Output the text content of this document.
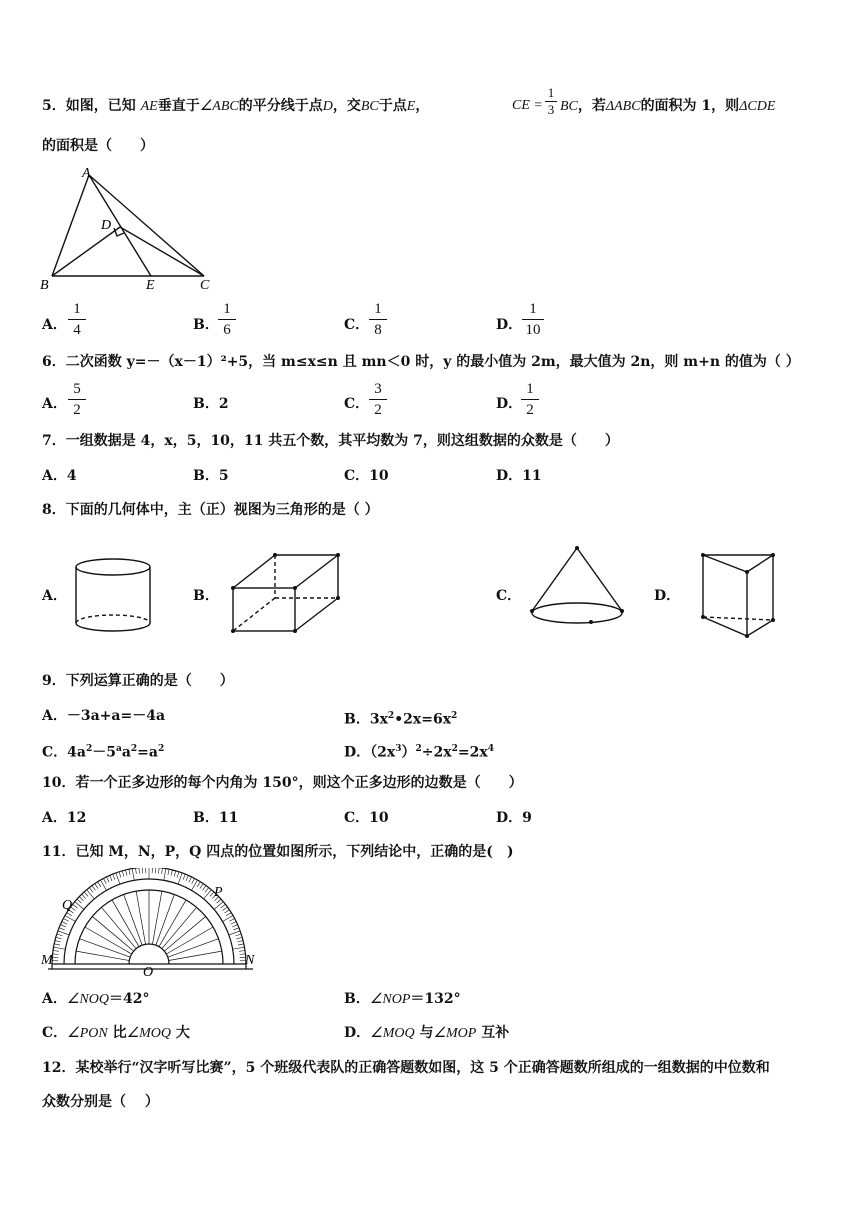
5．如图，已知 AE垂直于∠ABC的平分线于点D，交BC于点E，	CE =
1
3 BC，若ΔABC的面积为 1，则ΔCDE
的面积是（　　）
A
D
B	E	C
A．
1
4	B．
1
6	C．
1
8	D．
1
10
6．二次函数 y=－（x－1）²+5，当 m≤x≤n 且 mn＜0 时，y 的最小值为 2m，最大值为 2n，则 m+n 的值为（ ）
A．
5
2	B．2	C．
3
2	D．
1
2
7．一组数据是 4，x，5，10，11 共五个数，其平均数为 7，则这组数据的众数是（　　）
A．4	B．5	C．10	D．11
8．下面的几何体中，主（正）视图为三角形的是（ ）
A．	B．	C．	D．
9．下列运算正确的是（　　）
A．－3a+a=－4a	B．$3x^2•2x=6x^2$
C．$4a^2-5^aa^2=a^2$	D．$(2x^3)^2\div 2x^2=2x^4$
10．若一个正多边形的每个内角为 150°，则这个正多边形的边数是（　　）
A．12	B．11	C．10	D．9
11．已知 M，N，P，Q 四点的位置如图所示，下列结论中，正确的是(　)
Q
P
M	N
O
A．∠NOQ＝42°	B．∠NOP＝132°
C．∠PON 比∠MOQ 大	D．∠MOQ 与∠MOP 互补
12．某校举行“汉字听写比赛”，5 个班级代表队的正确答题数如图，这 5 个正确答题数所组成的一组数据的中位数和
众数分别是（　 ）
